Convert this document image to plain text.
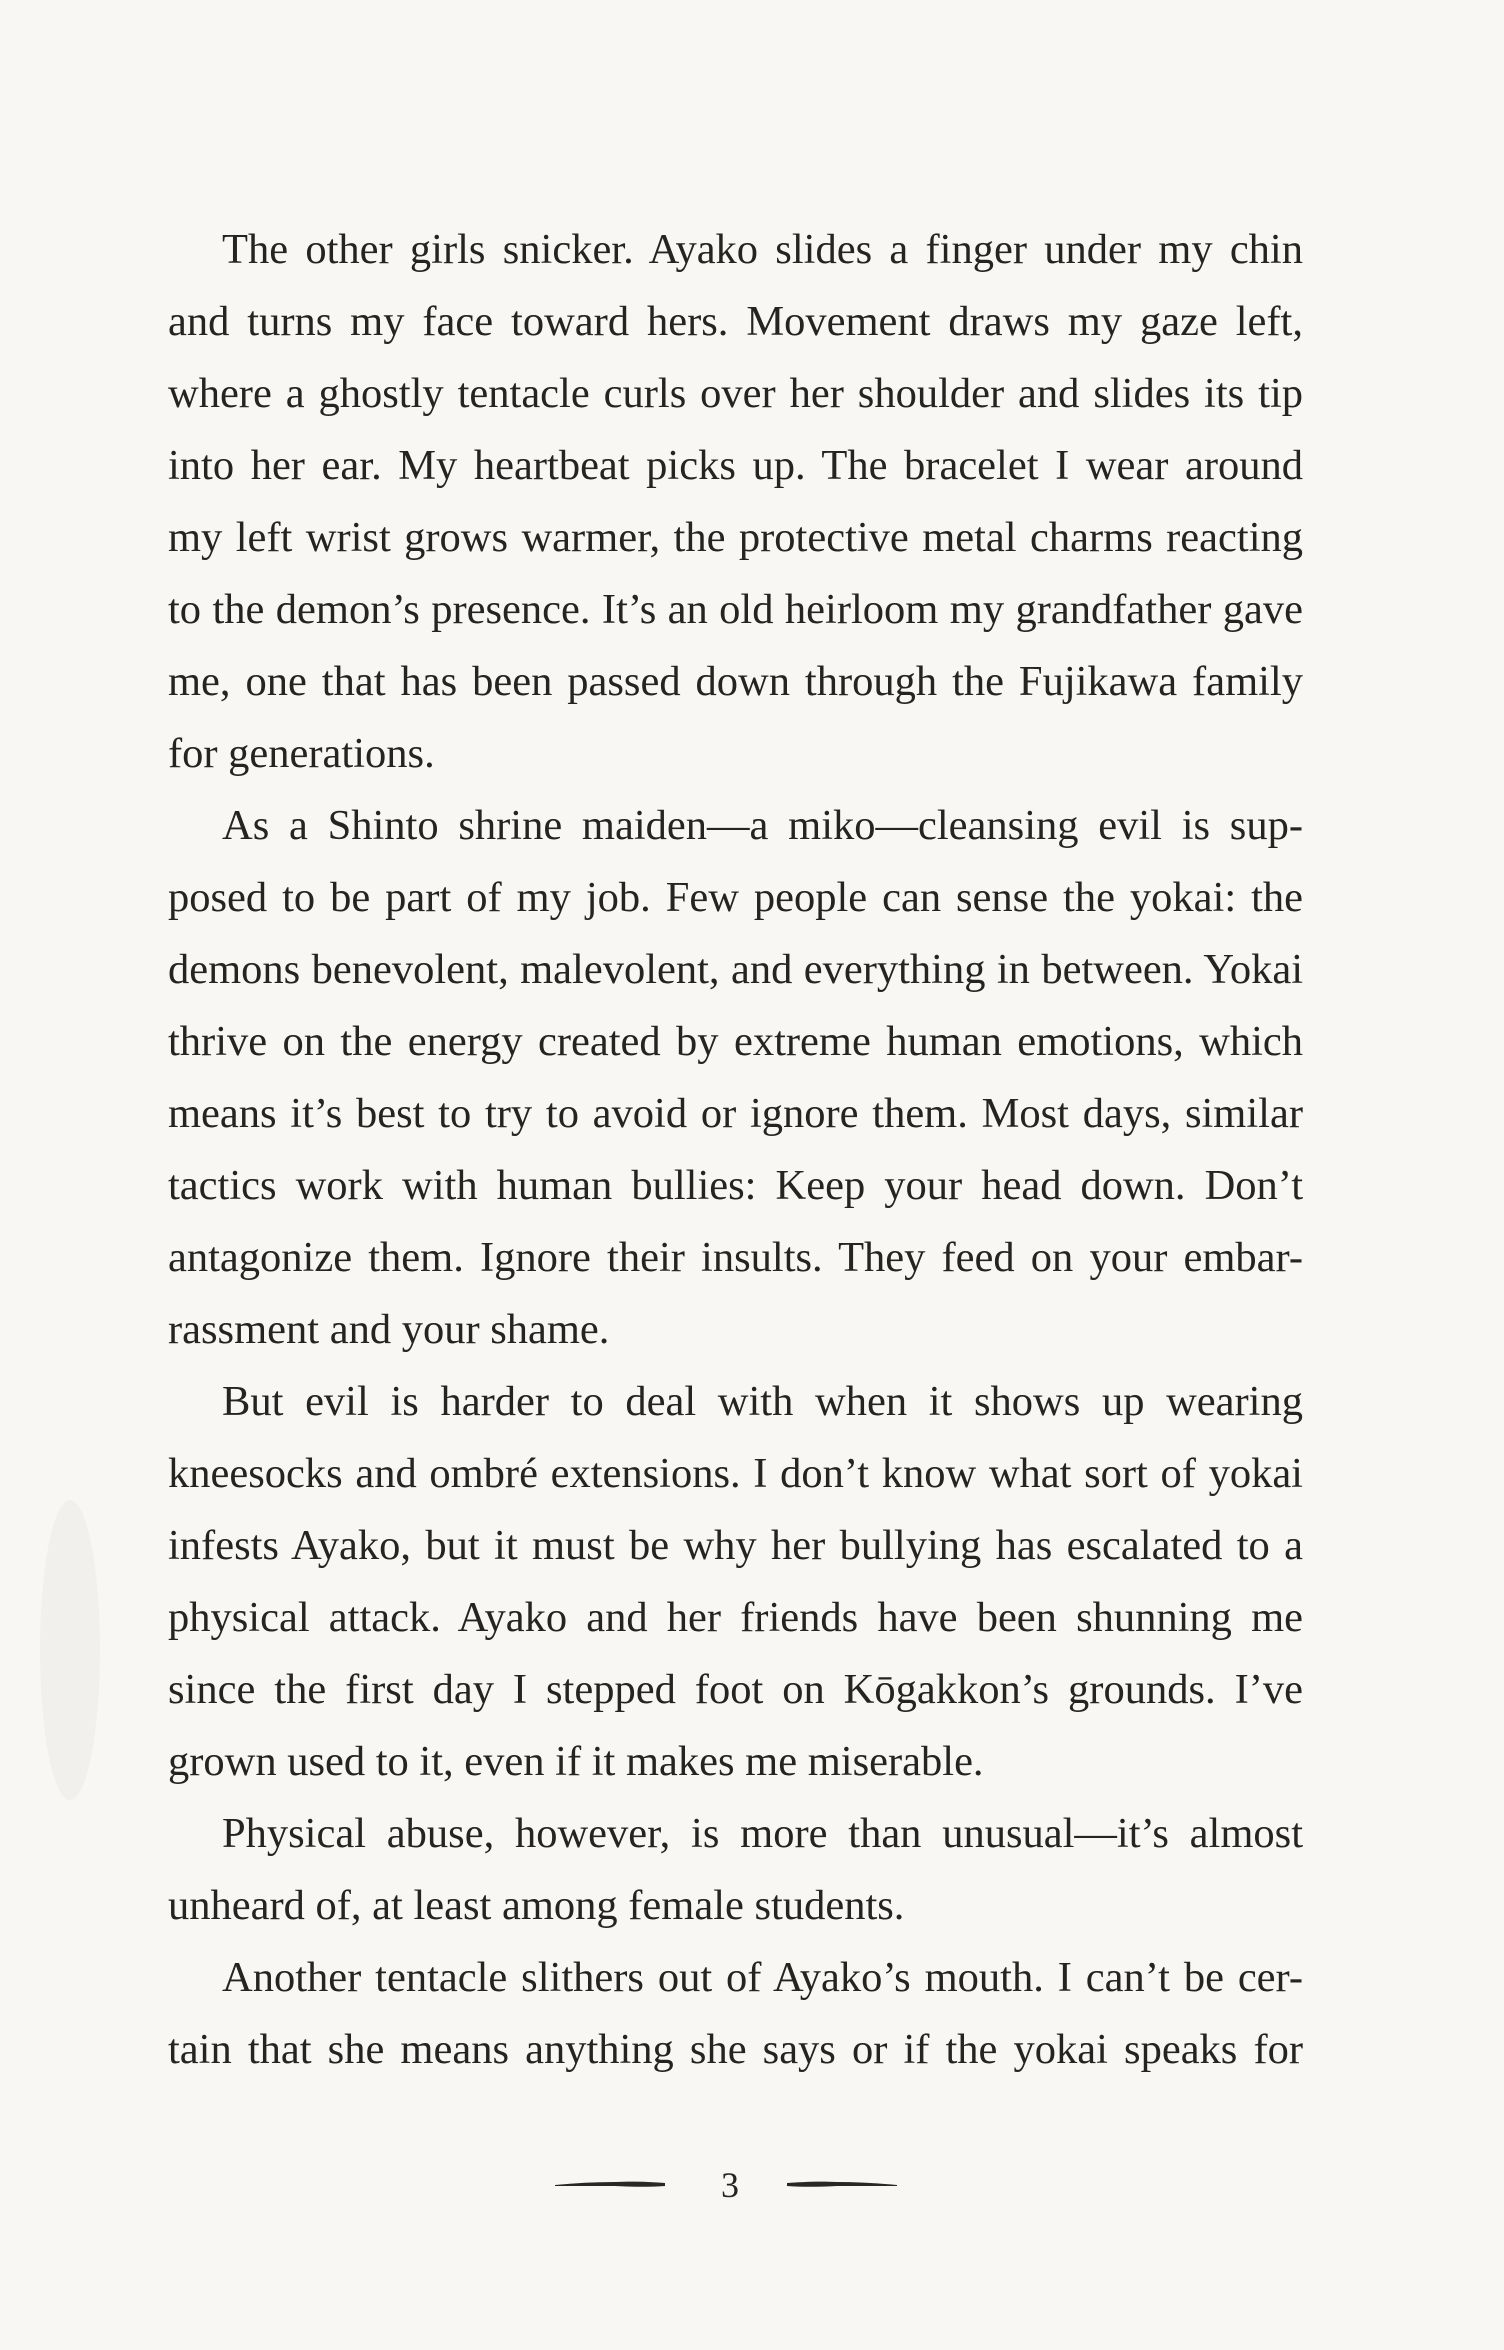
The other girls snicker. Ayako slides a finger under my chin
and turns my face toward hers. Movement draws my gaze left,
where a ghostly tentacle curls over her shoulder and slides its tip
into her ear. My heartbeat picks up. The bracelet I wear around
my left wrist grows warmer, the protective metal charms reacting
to the demon’s presence. It’s an old heirloom my grandfather gave
me, one that has been passed down through the Fujikawa family
for generations.
As a Shinto shrine maiden—a miko—cleansing evil is sup-
posed to be part of my job. Few people can sense the yokai: the
demons benevolent, malevolent, and everything in between. Yokai
thrive on the energy created by extreme human emotions, which
means it’s best to try to avoid or ignore them. Most days, similar
tactics work with human bullies: Keep your head down. Don’t
antagonize them. Ignore their insults. They feed on your embar-
rassment and your shame.
But evil is harder to deal with when it shows up wearing
kneesocks and ombré extensions. I don’t know what sort of yokai
infests Ayako, but it must be why her bullying has escalated to a
physical attack. Ayako and her friends have been shunning me
since the first day I stepped foot on Kōgakkon’s grounds. I’ve
grown used to it, even if it makes me miserable.
Physical abuse, however, is more than unusual—it’s almost
unheard of, at least among female students.
Another tentacle slithers out of Ayako’s mouth. I can’t be cer-
tain that she means anything she says or if the yokai speaks for
3
